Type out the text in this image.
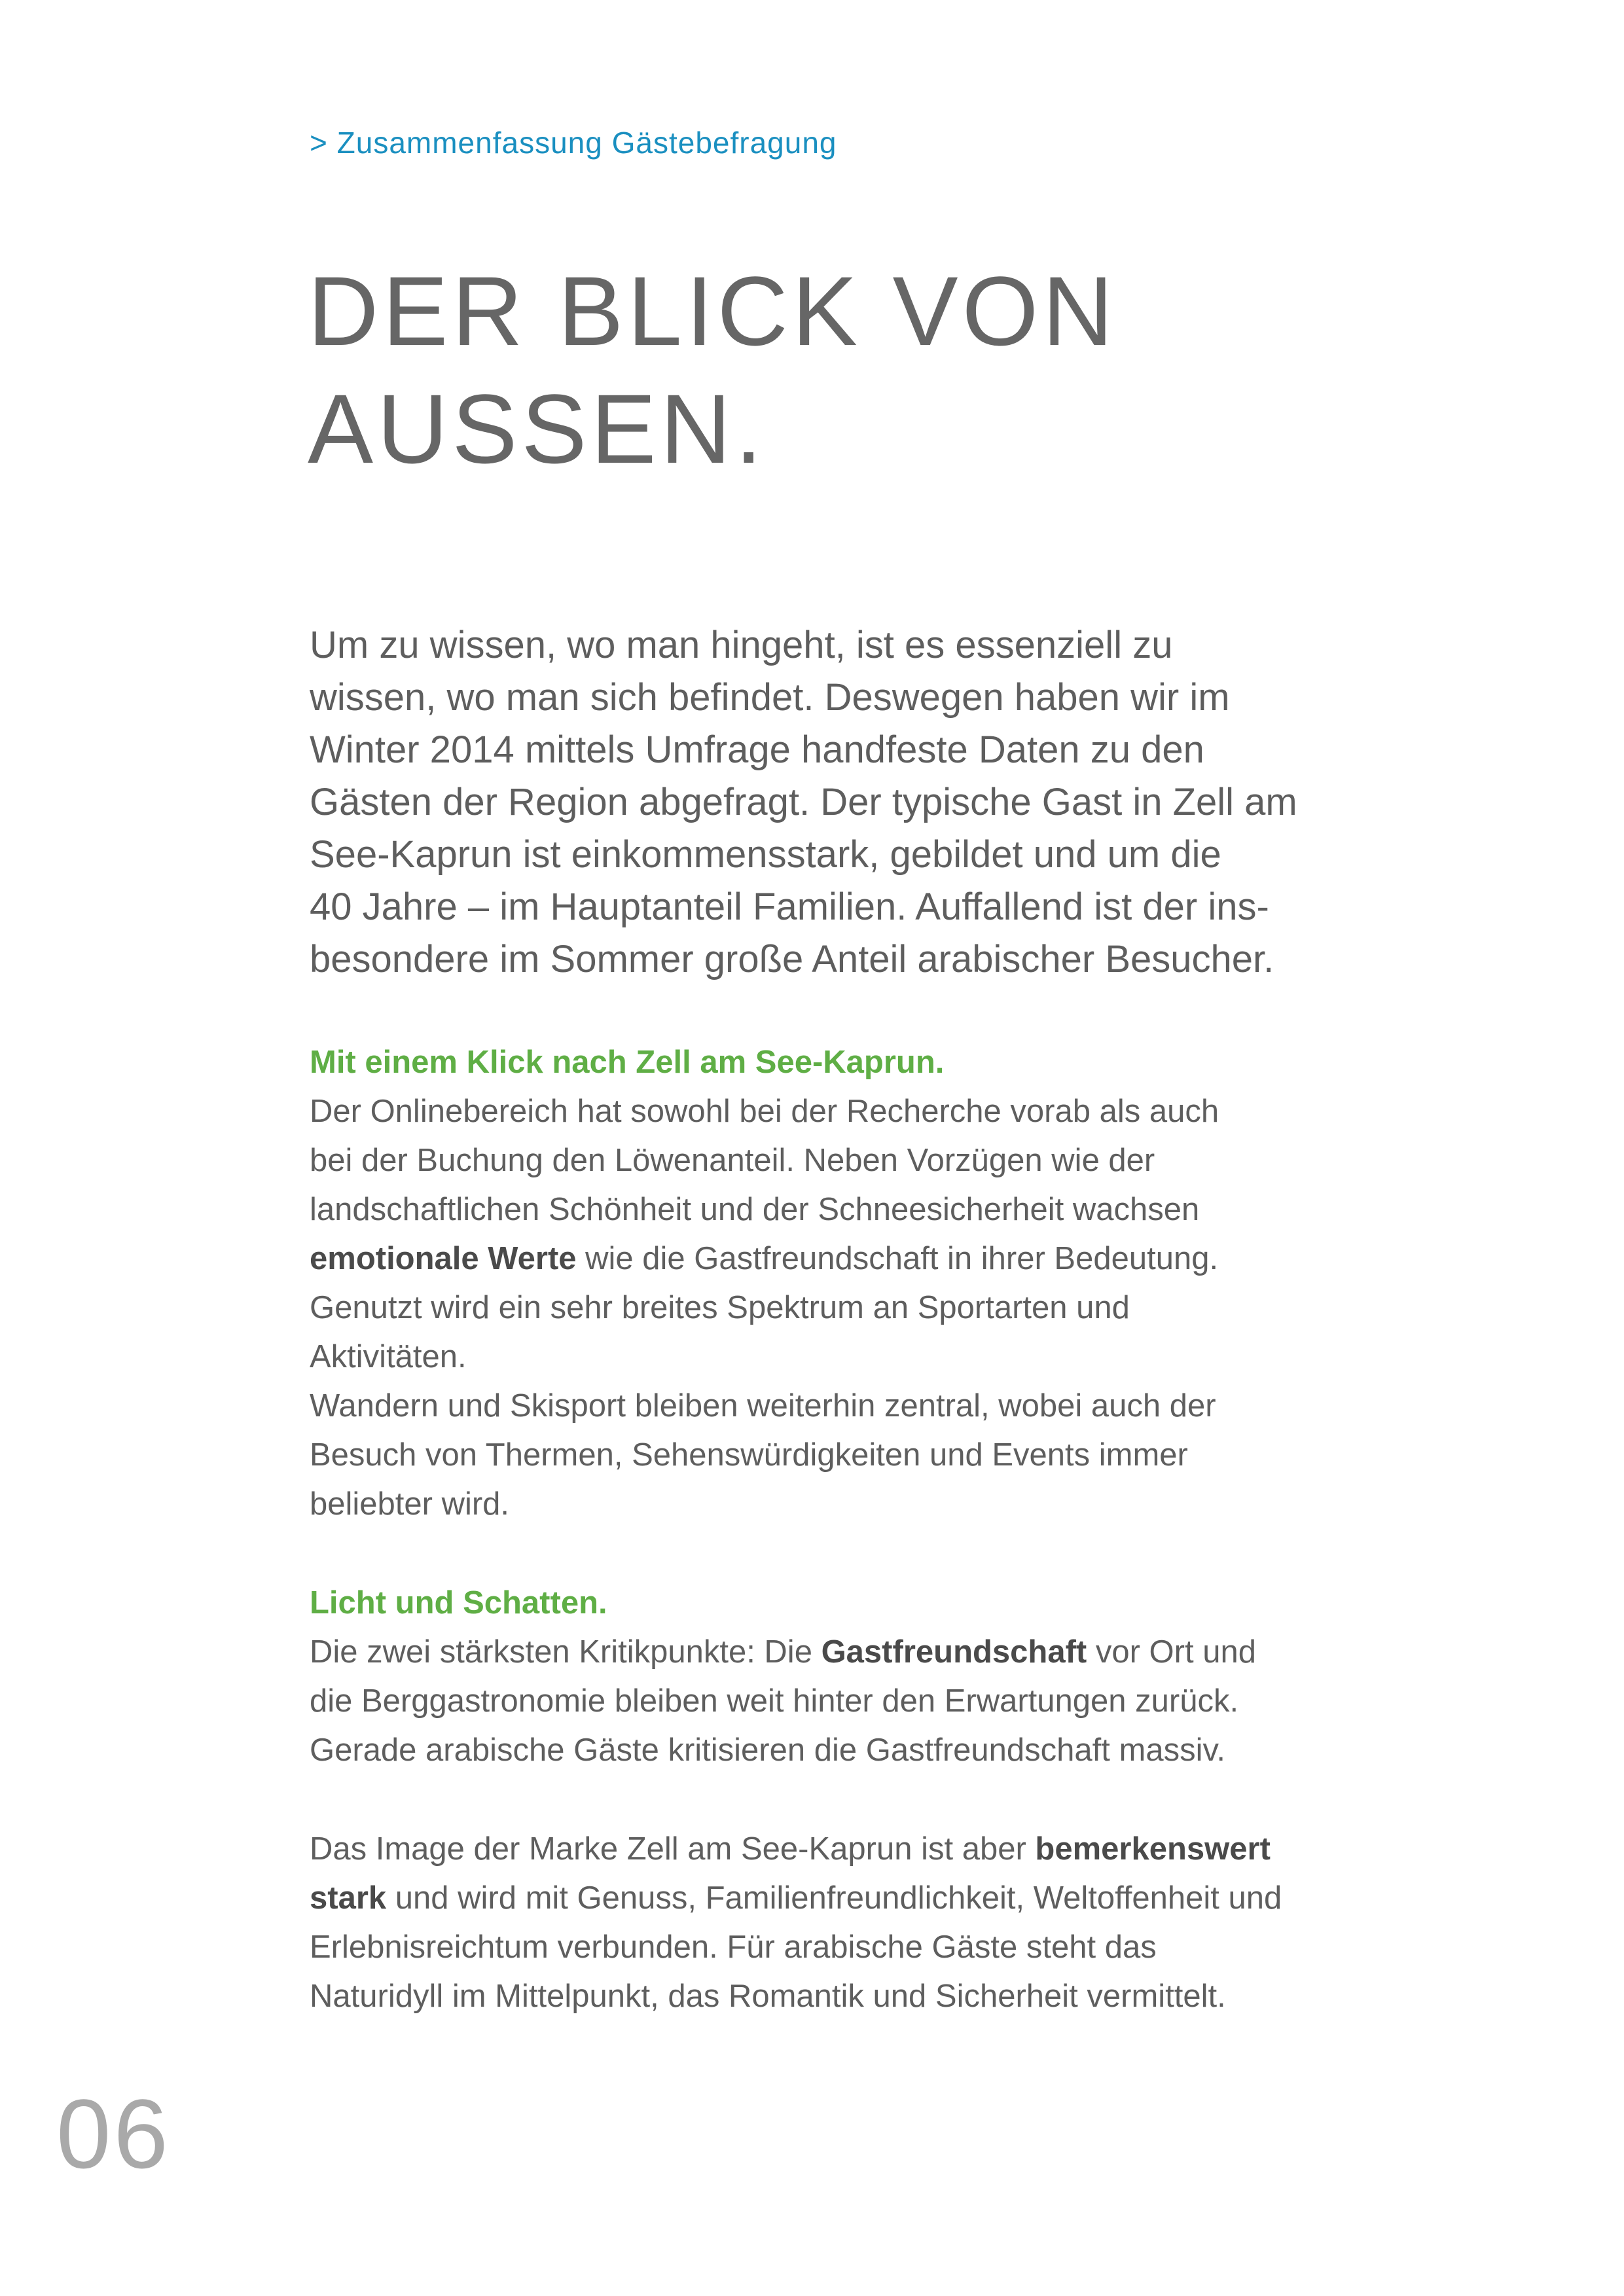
> Zusammenfassung Gästebefragung
DER BLICK VON
AUSSEN.

Um zu wissen, wo man hingeht, ist es essenziell zu
wissen, wo man sich befindet. Deswegen haben wir im
Winter 2014 mittels Umfrage handfeste Daten zu den
Gästen der Region abgefragt. Der typische Gast in Zell am
See-Kaprun ist einkommensstark, gebildet und um die
40 Jahre – im Hauptanteil Familien. Auffallend ist der ins-
besondere im Sommer große Anteil arabischer Besucher.

Mit einem Klick nach Zell am See-Kaprun.
Der Onlinebereich hat sowohl bei der Recherche vorab als auch
bei der Buchung den Löwenanteil. Neben Vorzügen wie der
landschaftlichen Schönheit und der Schneesicherheit wachsen
emotionale Werte wie die Gastfreundschaft in ihrer Bedeutung.
Genutzt wird ein sehr breites Spektrum an Sportarten und
Aktivitäten.
Wandern und Skisport bleiben weiterhin zentral, wobei auch der
Besuch von Thermen, Sehenswürdigkeiten und Events immer
beliebter wird.
Licht und Schatten.
Die zwei stärksten Kritikpunkte: Die Gastfreundschaft vor Ort und
die Berggastronomie bleiben weit hinter den Erwartungen zurück.
Gerade arabische Gäste kritisieren die Gastfreundschaft massiv.
Das Image der Marke Zell am See-Kaprun ist aber bemerkenswert
stark und wird mit Genuss, Familienfreundlichkeit, Weltoffenheit und
Erlebnisreichtum verbunden. Für arabische Gäste steht das
Naturidyll im Mittelpunkt, das Romantik und Sicherheit vermittelt.
06
